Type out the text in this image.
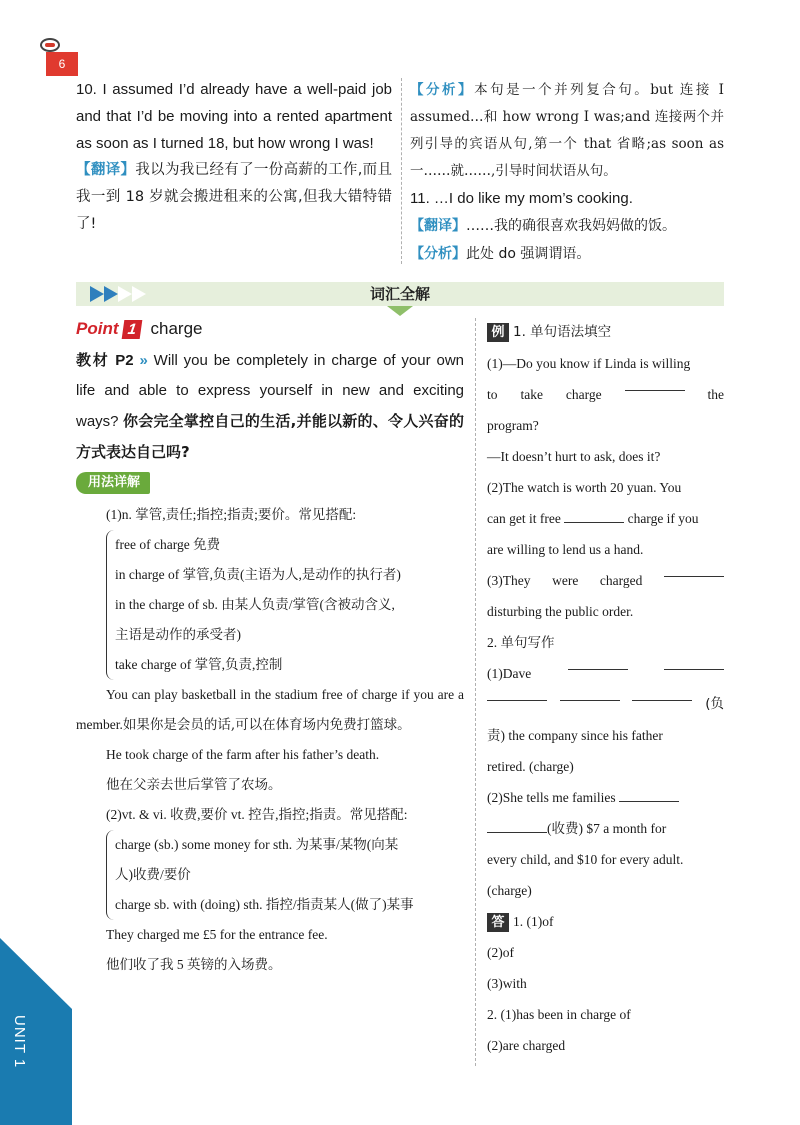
6
10. I assumed I’d already have a well-paid job and that I’d be moving into a rented apartment as soon as I turned 18, but how wrong I was!
【翻译】我以为我已经有了一份高薪的工作,而且我一到 18 岁就会搬进租来的公寓,但我大错特错了!
【分析】本句是一个并列复合句。but 连接 I assumed…和 how wrong I was;and 连接两个并列引导的宾语从句,第一个 that 省略;as soon as 一……就……,引导时间状语从句。
11. …I do like my mom’s cooking.
【翻译】……我的确很喜欢我妈妈做的饭。
【分析】此处 do 强调谓语。
词汇全解
Point 1 charge
教材 P2 » Will you be completely in charge of your own life and able to express yourself in new and exciting ways? 你会完全掌控自己的生活,并能以新的、令人兴奋的方式表达自己吗?
用法详解
(1)n. 掌管,责任;指控;指责;要价。常见搭配:
free of charge 免费
in charge of 掌管,负责(主语为人,是动作的执行者)
in the charge of sb. 由某人负责/掌管(含被动含义,
主语是动作的承受者)
take charge of 掌管,负责,控制
You can play basketball in the stadium free of charge if you are a member.如果你是会员的话,可以在体育场内免费打篮球。
He took charge of the farm after his father’s death.
他在父亲去世后掌管了农场。
(2)vt. & vi. 收费,要价 vt. 控告,指控;指责。常见搭配:
charge (sb.) some money for sth. 为某事/某物(向某
人)收费/要价
charge sb. with (doing) sth. 指控/指责某人(做了)某事
They charged me £5 for the entrance fee.
他们收了我 5 英镑的入场费。
例 1. 单句语法填空
(1)—Do you know if Linda is willing
to take charge	the
program?
—It doesn’t hurt to ask, does it?
(2)The watch is worth 20 yuan. You
can get it free	charge if you
are willing to lend us a hand.
(3)They were charged
disturbing the public order.
2. 单句写作
(1)Dave
(负
责) the company since his father
retired. (charge)
(2)She tells me families
(收费) $7 a month for
every child, and $10 for every adult.
(charge)
答 1. (1)of
(2)of
(3)with
2. (1)has been in charge of
(2)are charged
UNIT 1
